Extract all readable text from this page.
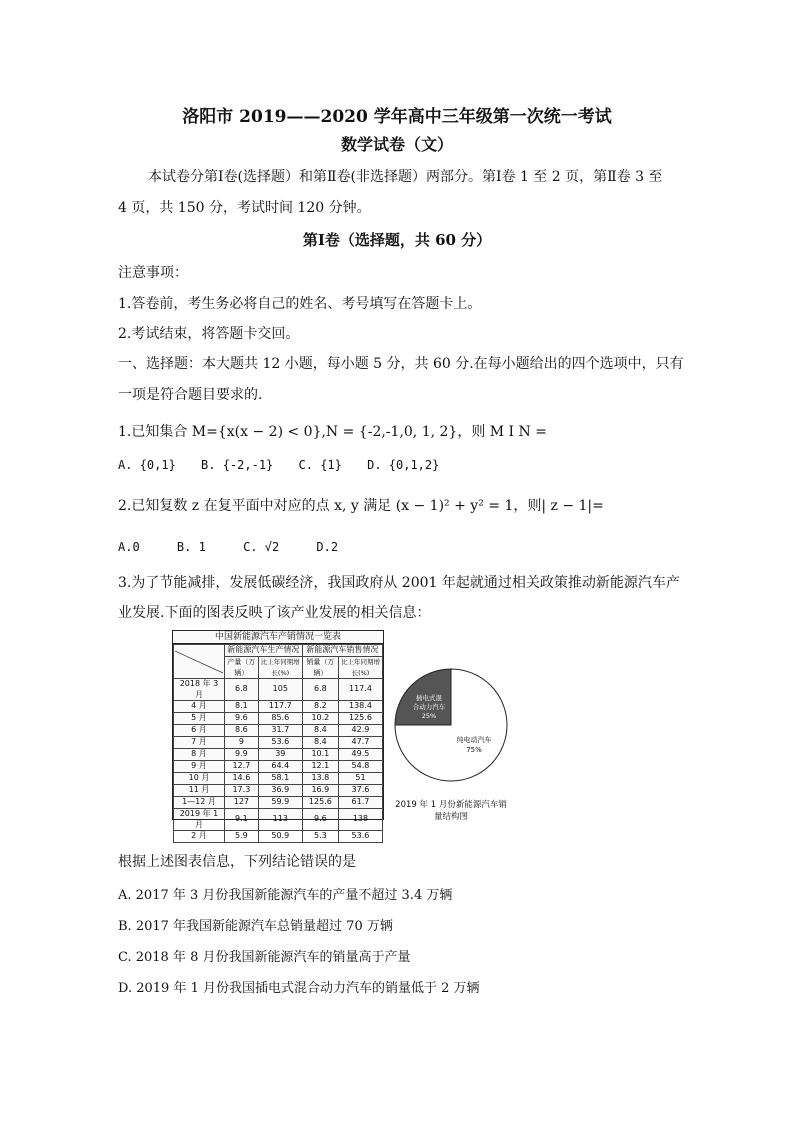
洛阳市 2019——2020 学年高中三年级第一次统一考试
数学试卷（文）
本试卷分第Ⅰ卷(选择题）和第Ⅱ卷(非选择题）两部分。第Ⅰ卷 1 至 2 页，第Ⅱ卷 3 至
4 页，共 150 分，考试时间 120 分钟。
第Ⅰ卷（选择题，共 60 分）
注意事项：
1.答卷前，考生务必将自己的姓名、考号填写在答题卡上。
2.考试结束，将答题卡交回。
一、选择题：本大题共 12 小题，每小题 5 分，共 60 分.在每小题给出的四个选项中，只有
一项是符合题目要求的.
1.已知集合 M={x(x − 2) < 0},N = {-2,-1,0, 1, 2}，则 M I N =
A. {0,1} B. {-2,-1} C. {1} D. {0,1,2}
2.已知复数 z 在复平面中对应的点 x, y 满足 (x − 1)² + y² = 1，则| z − 1|=
A.0	B. 1	C. √2	D.2
3.为了节能减排，发展低碳经济，我国政府从 2001 年起就通过相关政策推动新能源汽车产
业发展.下面的图表反映了该产业发展的相关信息：
中国新能源汽车产销情况一览表
	新能源汽车生产情况		新能源汽车销售情况	
	产量（万辆）	比上年同期增长(%)	销量（万辆）	比上年同期增长(%)
2018 年 3 月	6.8	105	6.8	117.4
4 月	8.1	117.7	8.2	138.4
5 月	9.6	85.6	10.2	125.6
6 月	8.6	31.7	8.4	42.9
7 月	9	53.6	8.4	47.7
8 月	9.9	39	10.1	49.5
9 月	12.7	64.4	12.1	54.8
10 月	14.6	58.1	13.8	51
11 月	17.3	36.9	16.9	37.6
1—12 月	127	59.9	125.6	61.7
2019 年 1 月	9.1	113	9.6	138
2 月	5.9	50.9	5.3	53.6
插电式混
合动力汽车
25%
纯电动汽车
75%
2019 年 1 月份新能源汽车销量结构图
根据上述图表信息，下列结论错误的是
A. 2017 年 3 月份我国新能源汽车的产量不超过 3.4 万辆
B. 2017 年我国新能源汽车总销量超过 70 万辆
C. 2018 年 8 月份我国新能源汽车的销量高于产量
D. 2019 年 1 月份我国插电式混合动力汽车的销量低于 2 万辆
